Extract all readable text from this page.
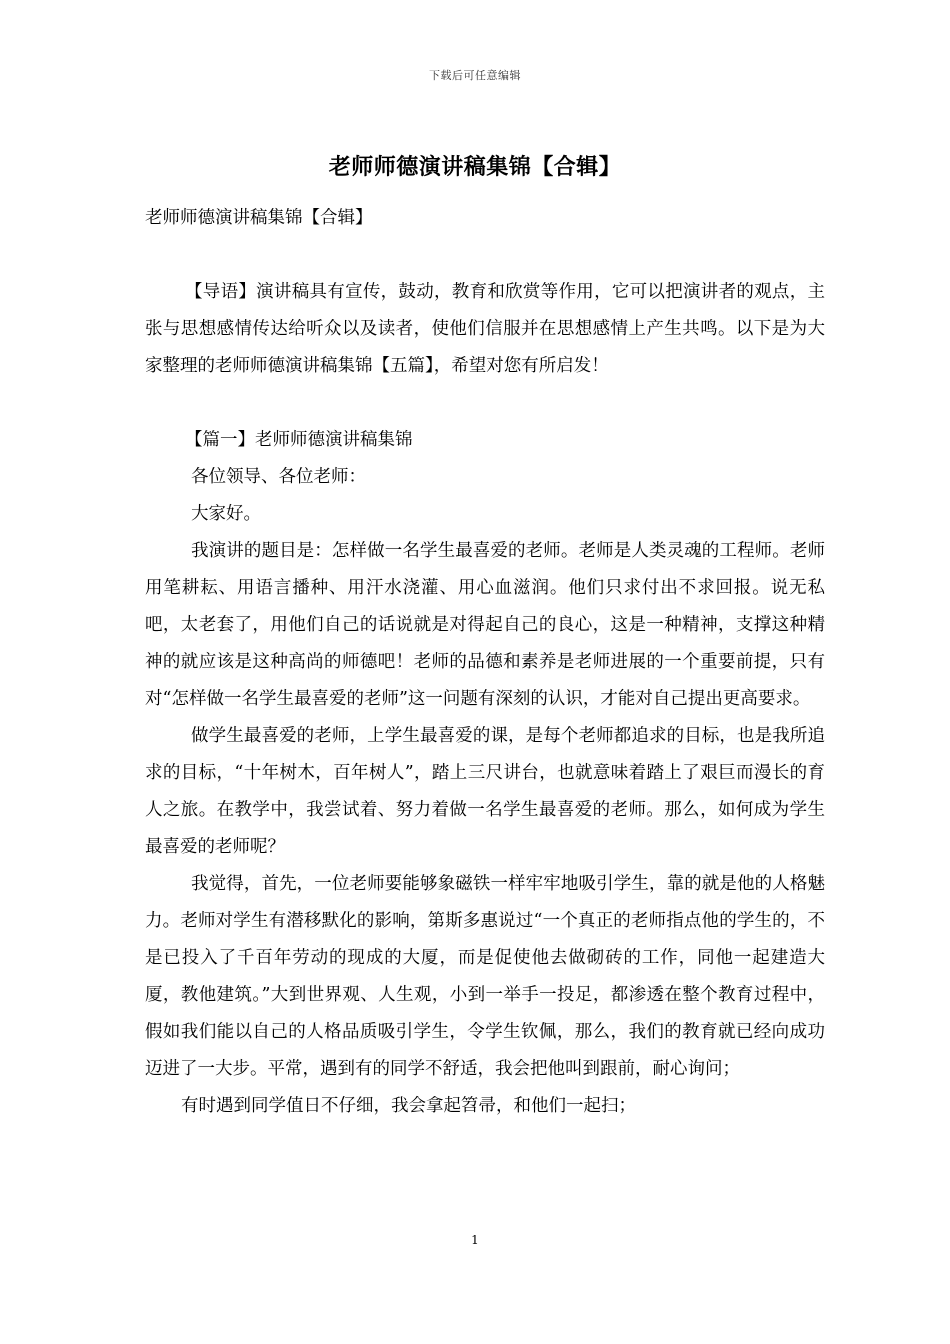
下载后可任意编辑
老师师德演讲稿集锦【合辑】

老师师德演讲稿集锦【合辑】

【导语】演讲稿具有宣传，鼓动，教育和欣赏等作用，它可以把演讲者的观点，主张与思想感情传达给听众以及读者，使他们信服并在思想感情上产生共鸣。以下是为大家整理的老师师德演讲稿集锦【五篇】，希望对您有所启发！

【篇一】老师师德演讲稿集锦

各位领导、各位老师：

大家好。

我演讲的题目是：怎样做一名学生最喜爱的老师。老师是人类灵魂的工程师。老师用笔耕耘、用语言播种、用汗水浇灌、用心血滋润。他们只求付出不求回报。说无私吧，太老套了，用他们自己的话说就是对得起自己的良心，这是一种精神，支撑这种精神的就应该是这种高尚的师德吧！老师的品德和素养是老师进展的一个重要前提，只有对“怎样做一名学生最喜爱的老师”这一问题有深刻的认识，才能对自己提出更高要求。

做学生最喜爱的老师，上学生最喜爱的课，是每个老师都追求的目标，也是我所追求的目标，“十年树木，百年树人”，踏上三尺讲台，也就意味着踏上了艰巨而漫长的育人之旅。在教学中，我尝试着、努力着做一名学生最喜爱的老师。那么，如何成为学生最喜爱的老师呢？

我觉得，首先，一位老师要能够象磁铁一样牢牢地吸引学生，靠的就是他的人格魅力。老师对学生有潜移默化的影响，第斯多惠说过“一个真正的老师指点他的学生的，不是已投入了千百年劳动的现成的大厦，而是促使他去做砌砖的工作，同他一起建造大厦，教他建筑。”大到世界观、人生观，小到一举手一投足，都渗透在整个教育过程中，假如我们能以自己的人格品质吸引学生，令学生钦佩，那么，我们的教育就已经向成功迈进了一大步。平常，遇到有的同学不舒适，我会把他叫到跟前，耐心询问；

有时遇到同学值日不仔细，我会拿起笤帚，和他们一起扫；

1
